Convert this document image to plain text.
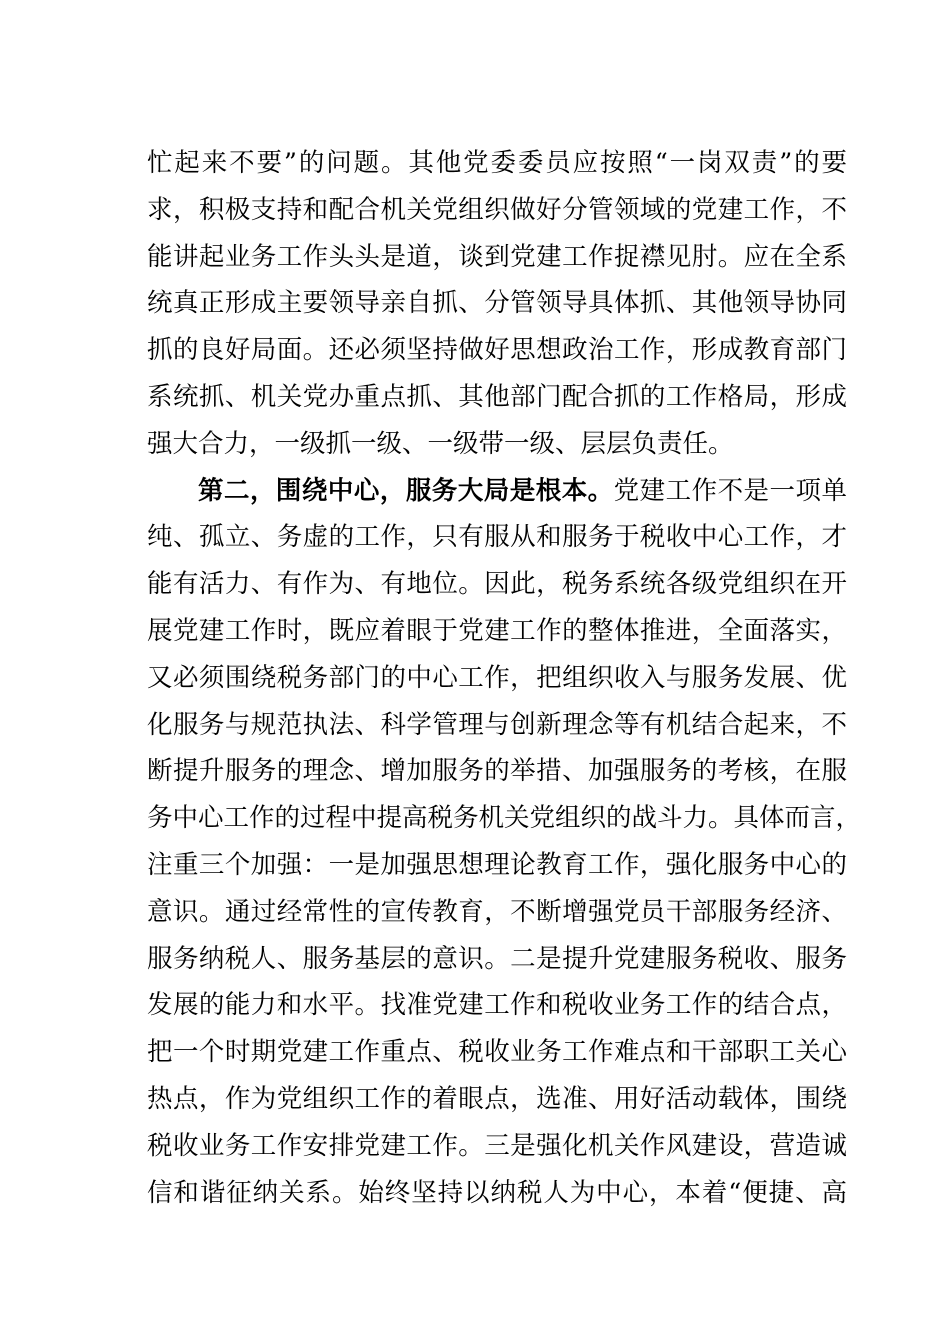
忙起来不要”的问题。其他党委委员应按照“一岗双责”的要
求，积极支持和配合机关党组织做好分管领域的党建工作，不
能讲起业务工作头头是道，谈到党建工作捉襟见肘。应在全系
统真正形成主要领导亲自抓、分管领导具体抓、其他领导协同
抓的良好局面。还必须坚持做好思想政治工作，形成教育部门
系统抓、机关党办重点抓、其他部门配合抓的工作格局，形成
强大合力，一级抓一级、一级带一级、层层负责任。
第二，围绕中心，服务大局是根本。党建工作不是一项单
纯、孤立、务虚的工作，只有服从和服务于税收中心工作，才
能有活力、有作为、有地位。因此，税务系统各级党组织在开
展党建工作时，既应着眼于党建工作的整体推进，全面落实，
又必须围绕税务部门的中心工作，把组织收入与服务发展、优
化服务与规范执法、科学管理与创新理念等有机结合起来，不
断提升服务的理念、增加服务的举措、加强服务的考核，在服
务中心工作的过程中提高税务机关党组织的战斗力。具体而言，
注重三个加强：一是加强思想理论教育工作，强化服务中心的
意识。通过经常性的宣传教育，不断增强党员干部服务经济、
服务纳税人、服务基层的意识。二是提升党建服务税收、服务
发展的能力和水平。找准党建工作和税收业务工作的结合点，
把一个时期党建工作重点、税收业务工作难点和干部职工关心
热点，作为党组织工作的着眼点，选准、用好活动载体，围绕
税收业务工作安排党建工作。三是强化机关作风建设，营造诚
信和谐征纳关系。始终坚持以纳税人为中心，本着“便捷、高
